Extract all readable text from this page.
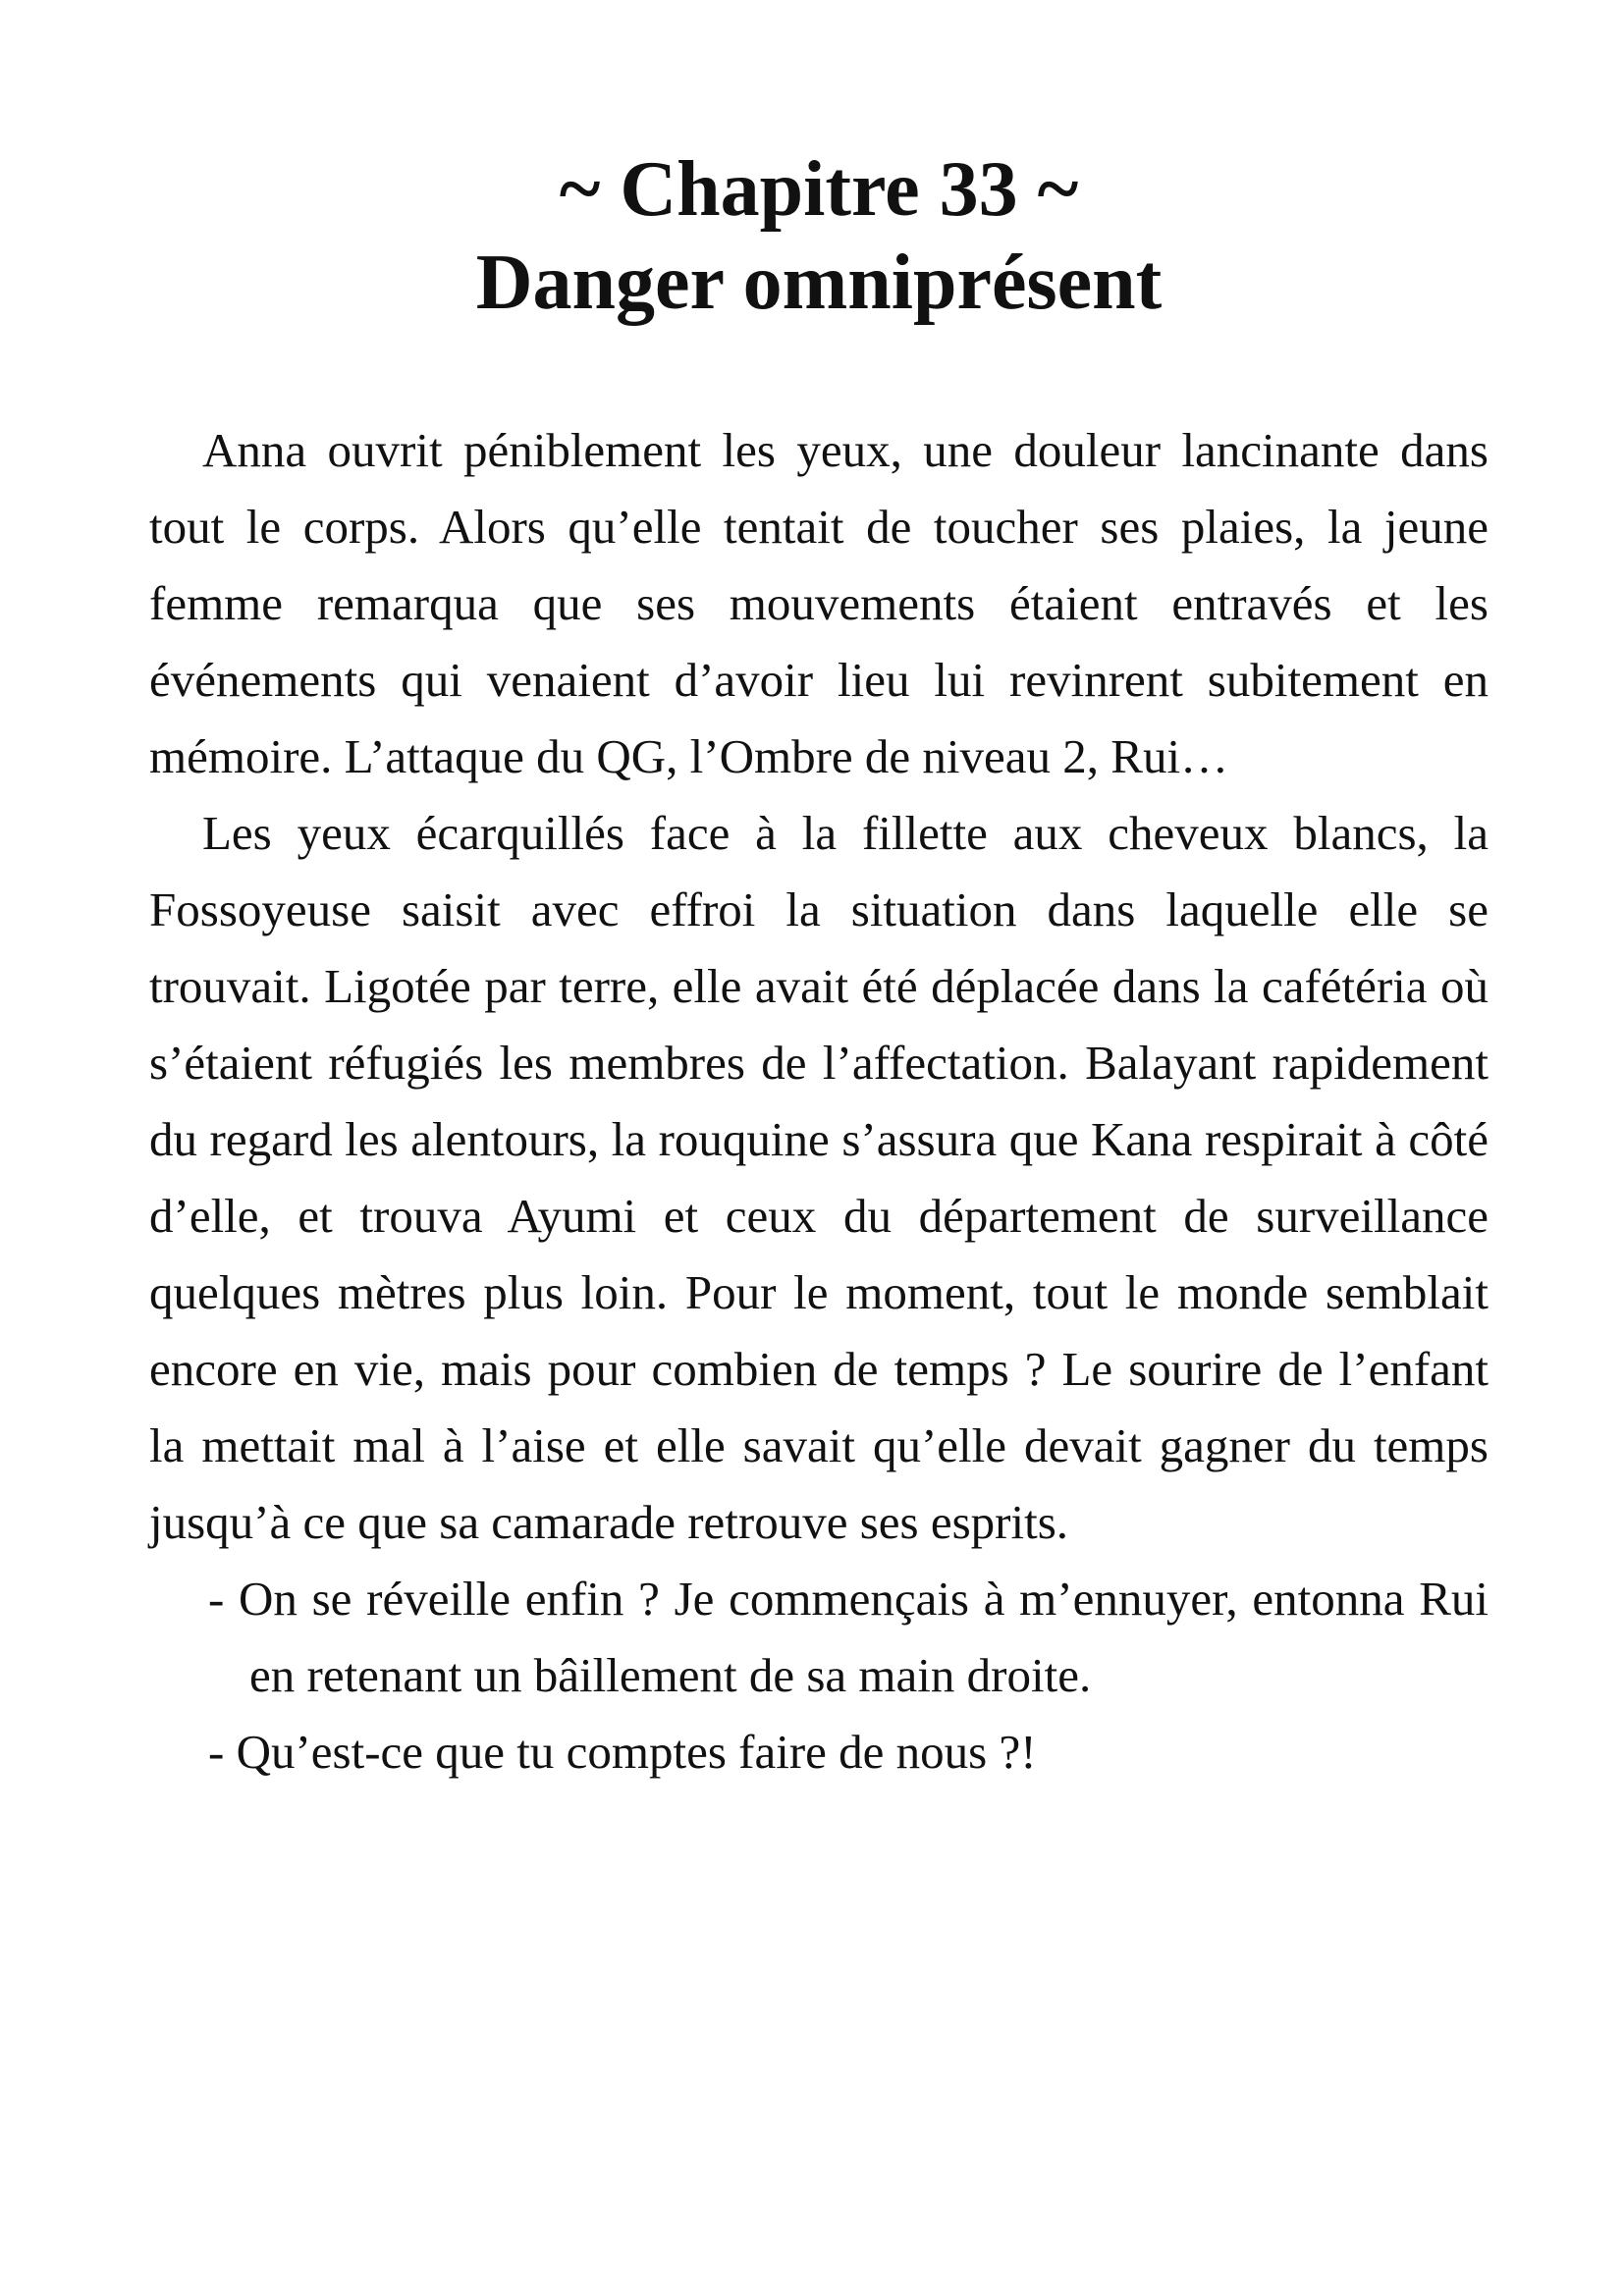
~ Chapitre 33 ~
Danger omniprésent

Anna ouvrit péniblement les yeux, une douleur lancinante dans tout le corps. Alors qu’elle tentait de toucher ses plaies, la jeune femme remarqua que ses mouvements étaient entravés et les événements qui venaient d’avoir lieu lui revinrent subitement en mémoire. L’attaque du QG, l’Ombre de niveau 2, Rui…

Les yeux écarquillés face à la fillette aux cheveux blancs, la Fossoyeuse saisit avec effroi la situation dans laquelle elle se trouvait. Ligotée par terre, elle avait été déplacée dans la cafétéria où s’étaient réfugiés les membres de l’affectation. Balayant rapidement du regard les alentours, la rouquine s’assura que Kana respirait à côté d’elle, et trouva Ayumi et ceux du département de surveillance quelques mètres plus loin. Pour le moment, tout le monde semblait encore en vie, mais pour combien de temps ? Le sourire de l’enfant la mettait mal à l’aise et elle savait qu’elle devait gagner du temps jusqu’à ce que sa camarade retrouve ses esprits.

- On se réveille enfin ? Je commençais à m’ennuyer, entonna Rui en retenant un bâillement de sa main droite.

- Qu’est-ce que tu comptes faire de nous ?!
